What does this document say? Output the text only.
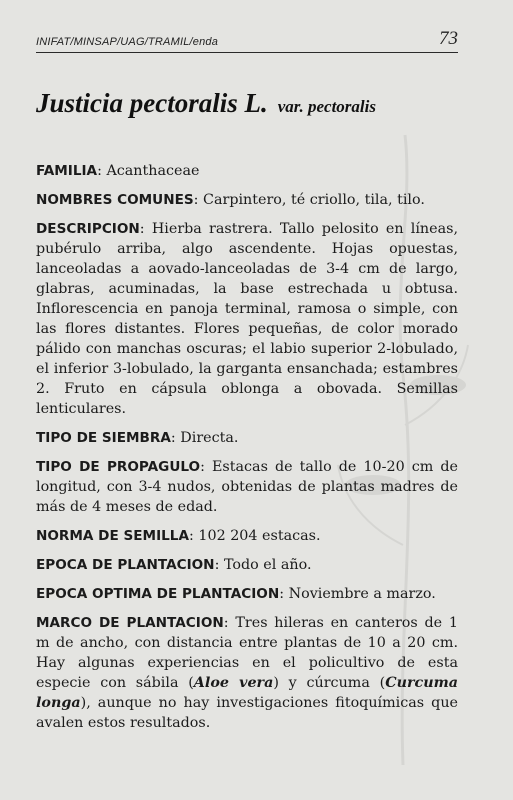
INIFAT/MINSAP/UAG/TRAMIL/enda	73
Justicia pectoralis L. var. pectoralis

FAMILIA: Acanthaceae

NOMBRES COMUNES: Carpintero, té criollo, tila, tilo.

DESCRIPCION: Hierba rastrera. Tallo pelosito en líneas, pubérulo arriba, algo ascendente. Hojas opuestas, lanceoladas a aovado-lanceoladas de 3-4 cm de largo, glabras, acuminadas, la base estrechada u obtusa. Inflorescencia en panoja terminal, ramosa o simple, con las flores distantes. Flores pequeñas, de color morado pálido con manchas oscuras; el labio superior 2-lobulado, el inferior 3-lobulado, la garganta ensanchada; estambres 2. Fruto en cápsula oblonga a obovada. Semillas lenticulares.

TIPO DE SIEMBRA: Directa.

TIPO DE PROPAGULO: Estacas de tallo de 10-20 cm de longitud, con 3-4 nudos, obtenidas de plantas madres de más de 4 meses de edad.

NORMA DE SEMILLA: 102 204 estacas.

EPOCA DE PLANTACION: Todo el año.

EPOCA OPTIMA DE PLANTACION: Noviembre a marzo.

MARCO DE PLANTACION: Tres hileras en canteros de 1 m de ancho, con distancia entre plantas de 10 a 20 cm. Hay algunas experiencias en el policultivo de esta especie con sábila (Aloe vera) y cúrcuma (Curcuma longa), aunque no hay investigaciones fitoquímicas que avalen estos resultados.
